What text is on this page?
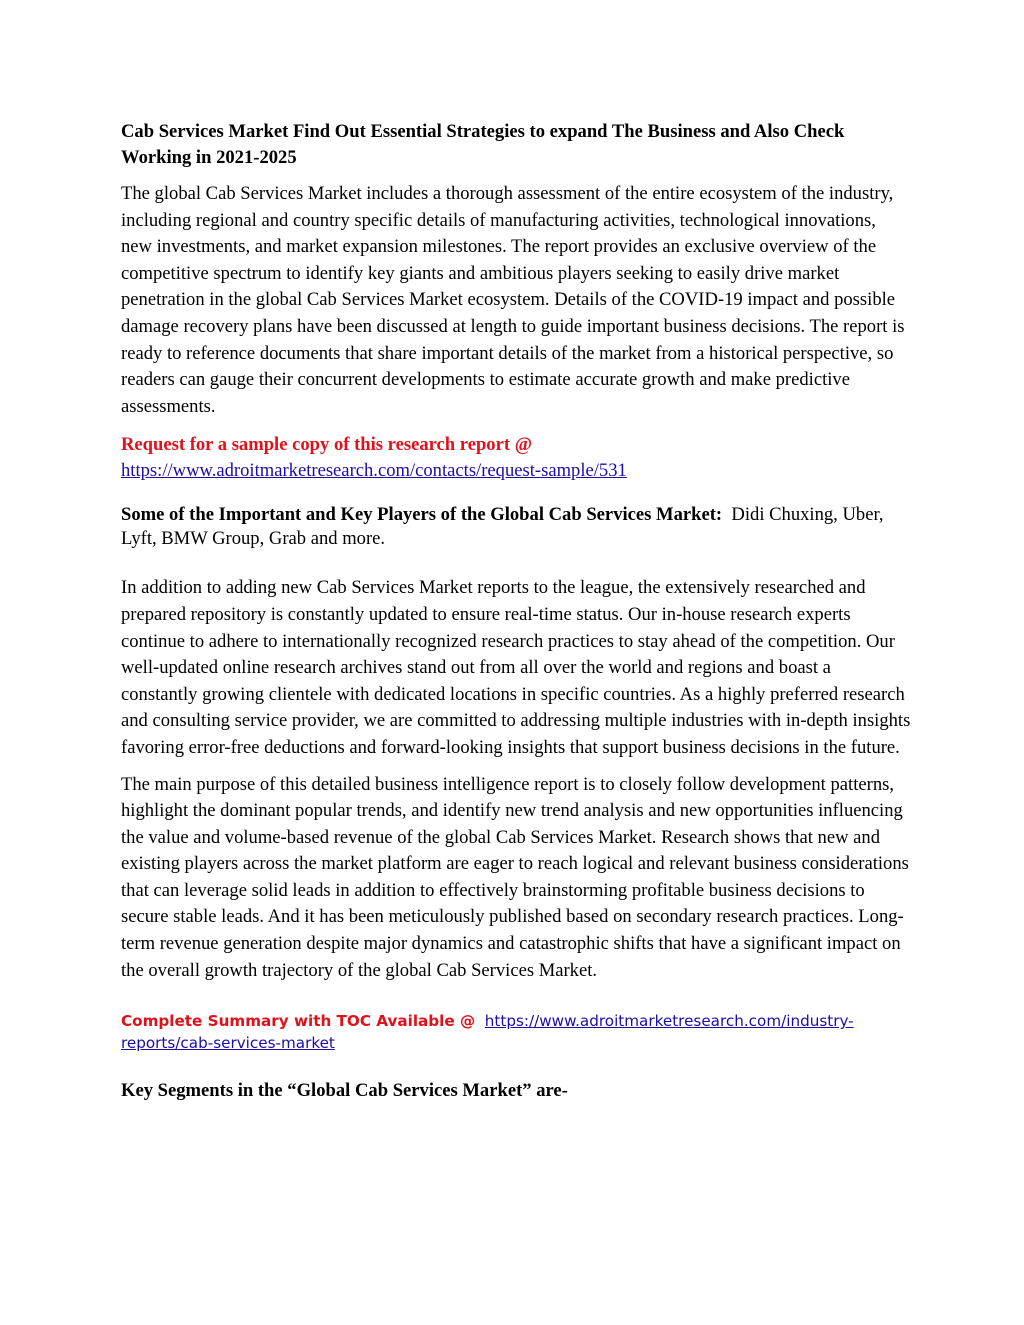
Cab Services Market Find Out Essential Strategies to expand The Business and Also Check Working in 2021-2025

The global Cab Services Market includes a thorough assessment of the entire ecosystem of the industry, including regional and country specific details of manufacturing activities, technological innovations, new investments, and market expansion milestones. The report provides an exclusive overview of the competitive spectrum to identify key giants and ambitious players seeking to easily drive market penetration in the global Cab Services Market ecosystem. Details of the COVID-19 impact and possible damage recovery plans have been discussed at length to guide important business decisions. The report is ready to reference documents that share important details of the market from a historical perspective, so readers can gauge their concurrent developments to estimate accurate growth and make predictive assessments.

Request for a sample copy of this research report @
https://www.adroitmarketresearch.com/contacts/request-sample/531
Some of the Important and Key Players of the Global Cab Services Market: Didi Chuxing, Uber, Lyft, BMW Group, Grab and more.

In addition to adding new Cab Services Market reports to the league, the extensively researched and prepared repository is constantly updated to ensure real-time status. Our in-house research experts continue to adhere to internationally recognized research practices to stay ahead of the competition. Our well-updated online research archives stand out from all over the world and regions and boast a constantly growing clientele with dedicated locations in specific countries. As a highly preferred research and consulting service provider, we are committed to addressing multiple industries with in-depth insights favoring error-free deductions and forward-looking insights that support business decisions in the future.

The main purpose of this detailed business intelligence report is to closely follow development patterns, highlight the dominant popular trends, and identify new trend analysis and new opportunities influencing the value and volume-based revenue of the global Cab Services Market. Research shows that new and existing players across the market platform are eager to reach logical and relevant business considerations that can leverage solid leads in addition to effectively brainstorming profitable business decisions to secure stable leads. And it has been meticulously published based on secondary research practices. Long-term revenue generation despite major dynamics and catastrophic shifts that have a significant impact on the overall growth trajectory of the global Cab Services Market.

Complete Summary with TOC Available @ https://www.adroitmarketresearch.com/industry-reports/cab-services-market
Key Segments in the “Global Cab Services Market” are-
